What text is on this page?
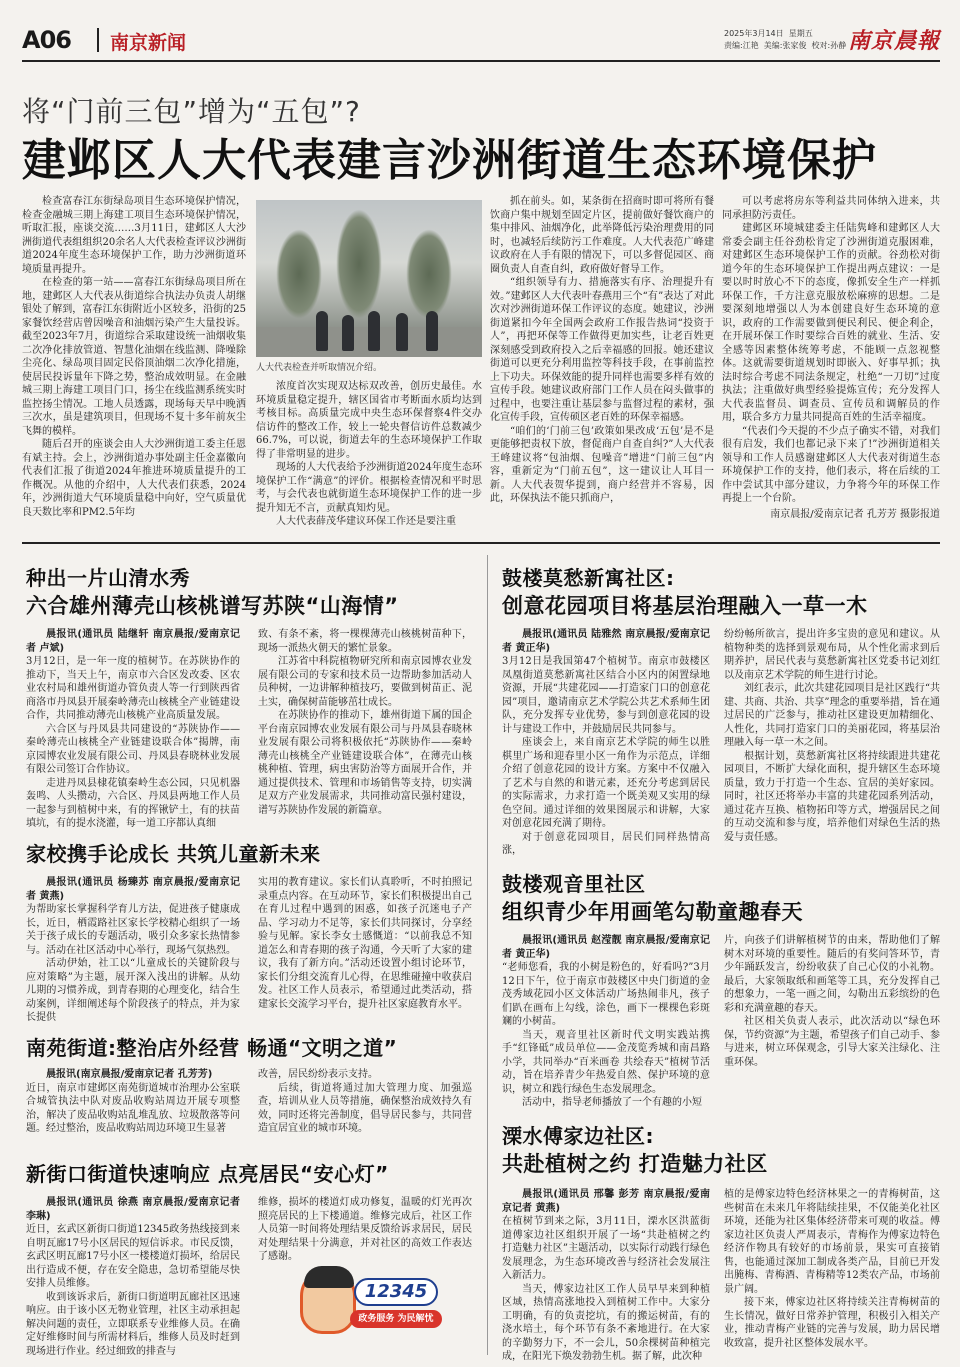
A06 南京新闻	2025年3月14日  星期五
责编:江艳  美编:张家俊  校对:孙静 南京晨報
将“门前三包”增为“五包”?
建邺区人大代表建言沙洲街道生态环境保护

检查富春江东街绿岛项目生态环境保护情况，检查金融城三期上海建工项目生态环境保护情况，听取汇报，座谈交流……3月11日，建邺区人大沙洲街道代表组组织20余名人大代表检查评议沙洲街道2024年度生态环境保护工作，助力沙洲街道环境质量再提升。

在检查的第一站——富春江东街绿岛项目所在地，建邺区人大代表从街道综合执法办负责人胡继银处了解到，富春江东街附近小区较多，沿街的25家餐饮经营店曾因噪音和油烟污染产生大量投诉。截至2023年7月，街道综合采取建设统一油烟收集二次净化排放管道、智慧化油烟在线监测、降噪除尘亮化、绿岛项目固定民俗顶油烟二次净化措施，使居民投诉量年下降之势，整治成效明显。在金融城三期上海建工项目门口，扬尘在线监测系统实时监控扬尘情况。工地人员透露，现场每天早中晚洒三次水，虽是建筑项目，但现场不复十多年前灰尘飞舞的模样。

随后召开的座谈会由人大沙洲街道工委主任恩有斌主持。会上，沙洲街道办事处副主任金嘉徽向代表们汇报了街道2024年推进环境质量提升的工作概况。从他的介绍中，人大代表们获悉，2024年，沙洲街道大气环境质量稳中向好，空气质量优良天数比率和PM2.5年均

人大代表检查并听取情况介绍。

浓度首次实现双达标双改善，创历史最佳。水环境质量稳定提升，辖区国省市考断面水质均达到考核目标。高质量完成中央生态环保督察4件交办信访件的整改工作，较上一轮央督信访件总数减少66.7%，可以说，街道去年的生态环境保护工作取得了非常明显的进步。

现场的人大代表给予沙洲街道2024年度生态环境保护工作“满意”的评价。根据检查情况和平时思考，与会代表也就街道生态环境保护工作的进一步提升知无不言，贡献真知灼见。

人大代表薛茂华建议环保工作还是要注重

抓在前头。如，某条街在招商时即可将所有餐饮商户集中规划至固定片区，提前做好餐饮商户的集中排风、油烟净化，此举降低污染治理费用的同时，也减轻后续防污工作难度。人大代表范广峰建议政府在人手有限的情况下，可以多督促园区、商圈负责人自查自纠，政府做好督导工作。

“组织领导有力、措施落实有序、治理提升有效。”建邺区人大代表叶春燕用三个“有”表达了对此次对沙洲街道环保工作评议的态度。她建议，沙洲街道紧扣今年全国两会政府工作报告热词“投资于人”，再把环保等工作做得更加实些，让老百姓更深刻感受到政府投入之后幸福感的回报。她还建议街道可以更充分利用监控等科技手段，在事前监控上下功夫。环保效能的提升同样也需要多样有效的宣传手段。她建议政府部门工作人员在闷头做事的过程中，也要注重让基层参与监督过程的素材，强化宣传手段，宣传硕区老百姓的环保幸福感。

“咱们的‘门前三包’政策如果改成‘五包’是不是更能够把责权下放，督促商户自查自纠?”人大代表王峰建议将“包油烟、包噪音”增进“门前三包”内容，重新定为“门前五包”，这一建议让人耳目一新。人大代表贺华提到，商户经营并不容易，因此，环保执法不能只抓商户，

可以考虑将房东等利益共同体纳入进来，共同承担防污责任。

建邺区环境城建委主任陆隽峰和建邺区人大常委会副主任谷劲松肯定了沙洲街道克服困难，对建邺区生态环境保护工作的贡献。谷劲松对街道今年的生态环境保护工作提出两点建议：一是要以时时放心不下的态度，像抓安全生产一样抓环保工作，千方注意克服放松麻痹的思想。二是要深刻地增强以人为本创建良好生态环境的意识，政府的工作需要做到便民利民、便企利企，在开展环保工作时要综合百姓的就业、生活、安全感等因素整体统筹考虑，不能顾一点忽视整体。这就需要街道规划时即嵌入、好事早抓；执法时综合考虑不同法条规定，杜绝“一刀切”过度执法；注重做好典型经验提炼宣传；充分发挥人大代表监督员、调查员、宣传员和调解员的作用，联合多方力量共同提高百姓的生活幸福度。

“代表们今天提的不少点子确实不错，对我们很有启发，我们也都记录下来了!”沙洲街道相关领导和工作人员感谢建邺区人大代表对街道生态环境保护工作的支持，他们表示，将在后续的工作中尝试其中部分建议，力争将今年的环保工作再提上一个台阶。

南京晨报/爱南京记者 孔芳芳 摄影报道
种出一片山清水秀
六合雄州薄壳山核桃谱写苏陕“山海情”
晨报讯(通讯员 陆继轩 南京晨报/爱南京记者 卢斌)

3月12日，是一年一度的植树节。在苏陕协作的推动下，当天上午，南京市六合区发改委、区农业农村局和雄州街道办管负责人等一行到陕西省商洛市丹凤县开展秦岭薄壳山核桃全产业链建设合作，共同推动薄壳山核桃产业高质量发展。

六合区与丹凤县共同建设的“苏陕协作——秦岭薄壳山核桃全产业链建设联合体”揭牌，南京园博农业发展有限公司、丹凤县春晓林业发展有限公司签订合作协议。

走进丹凤县棣花镇秦岭生态公园，只见机器轰鸣、人头攒动，六合区、丹凤县两地工作人员一起参与到植树中来，有的挥锹铲土，有的扶苗填坑，有的提水浇灌，每一道工序都认真细

致、有条不紊，将一棵棵薄壳山核桃树苗种下，现场一派热火朝天的繁忙景象。

江苏省中科院植物研究所和南京园博农业发展有限公司的专家和技术员一边帮助参加活动人员种树，一边讲解种植技巧，要做到树苗正、泥土实，确保树苗能够茁壮成长。

在苏陕协作的推动下，雄州街道下属的国企平台南京园博农业发展有限公司与丹凤县春晓林业发展有限公司将积极依托“苏陕协作——秦岭薄壳山核桃全产业链建设联合体”，在薄壳山核桃种植、管理，病虫害防治等方面展开合作，并通过提供技术、管理和市场销售等支持，切实满足双方产业发展需求，共同推动富民强村建设，谱写苏陕协作发展的新篇章。

家校携手论成长 共筑儿童新未来
晨报讯(通讯员 杨臻苏 南京晨报/爱南京记者 黄燕)

为帮助家长掌握科学育儿方法，促进孩子健康成长，近日，栖霞路社区家长学校精心组织了一场关于孩子成长的专题活动，吸引众多家长热情参与。活动在社区活动中心举行，现场气氛热烈。

活动伊始，社工以“儿童成长的关键阶段与应对策略”为主题，展开深入浅出的讲解。从幼儿期的习惯养成，到青春期的心理变化，结合生动案例，详细阐述每个阶段孩子的特点，并为家长提供

实用的教育建议。家长们认真聆听，不时拍照记录重点内容。在互动环节，家长们积极提出自己在育儿过程中遇到的困惑，如孩子沉迷电子产品、学习动力不足等，家长们共同探讨，分享经验与见解。家长李女士感慨道：“以前我总不知道怎么和青春期的孩子沟通，今天听了大家的建议，我有了新方向。”活动还设置小组讨论环节，家长们分组交流育儿心得，在思维碰撞中收获启发。社区工作人员表示，希望通过此类活动，搭建家长交流学习平台，提升社区家庭教育水平。

南苑街道:整治店外经营 畅通“文明之道”
晨报讯(南京晨报/爱南京记者 孔芳芳)

近日，南京市建邺区南苑街道城市治理办公室联合城管执法中队对废品收购站周边开展专项整治，解决了废品收购站乱堆乱放、垃圾散落等问题。经过整治，废品收购站周边环境卫生显著

改善，居民纷纷表示支持。

后续，街道将通过加大管理力度、加强巡查，培训从业人员等措施，确保整治成效持久有效，同时还将完善制度，倡导居民参与，共同营造宜居宜业的城市环境。

新街口街道快速响应 点亮居民“安心灯”
晨报讯(通讯员 徐燕 南京晨报/爱南京记者 李琳)

近日，玄武区新街口街道12345政务热线接到来自明瓦廊17号小区居民的短信诉求。市民反馈，玄武区明瓦廊17号小区一楼楼道灯损坏，给居民出行造成不便，存在安全隐患，急切希望能尽快安排人员维修。

收到该诉求后，新街口街道明瓦廊社区迅速响应。由于该小区无物业管理，社区主动承担起解决问题的责任，立即联系专业维修人员。在确定好维修时间与所需材料后，维修人员及时赶到现场进行作业。经过细致的排查与

维修，损坏的楼道灯成功修复，温暖的灯光再次照亮居民的上下楼通道。维修完成后，社区工作人员第一时间将处理结果反馈给诉求居民，居民对处理结果十分满意，并对社区的高效工作表达了感谢。

12345
政务服务 为民解忧
鼓楼莫愁新寓社区:
创意花园项目将基层治理融入一草一木
晨报讯(通讯员 陆雅然 南京晨报/爱南京记者 黄正华)

3月12日是我国第47个植树节。南京市鼓楼区凤凰街道莫愁新寓社区结合小区内的闲置绿地资源，开展“共建花园——打造家门口的创意花园”项目，邀请南京艺术学院公共艺术系师生团队，充分发挥专业优势，参与到创意花园的设计与建设工作中，并鼓励居民共同参与。

座谈会上，来自南京艺术学院的师生以胜棋里广场和迎春里小区一角作为示范点，详细介绍了创意花园的设计方案。方案中不仅融入了艺术与自然的和谐元素，还充分考虑到居民的实际需求，力求打造一个既美观又实用的绿色空间。通过详细的效果图展示和讲解，大家对创意花园充满了期待。

对于创意花园项目，居民们同样热情高涨，

纷纷畅所欲言，提出许多宝贵的意见和建议。从植物种类的选择到景观布局，从个性化需求到后期养护，居民代表与莫愁新寓社区党委书记刘红以及南京艺术学院的师生进行讨论。

刘红表示，此次共建花园项目是社区践行“共建、共商、共治、共享”理念的重要举措，旨在通过居民的广泛参与，推动社区建设更加精细化、人性化，共同打造家门口的美丽花园，将基层治理融入每一草一木之间。

根据计划，莫愁新寓社区将持续跟进共建花园项目，不断扩大绿化面积，提升辖区生态环境质量，致力于打造一个生态、宜居的美好家园。同时，社区还将举办丰富的共建花园系列活动，通过花卉互换、植物拓印等方式，增强居民之间的互动交流和参与度，培养他们对绿色生活的热爱与责任感。

鼓楼观音里社区
组织青少年用画笔勾勒童趣春天
晨报讯(通讯员 赵滢靓 南京晨报/爱南京记者 黄正华)

“老师您看，我的小树是粉色的，好看吗?”3月12日下午，位于南京市鼓楼区中央门街道的金茂秀域花园小区文体活动广场热闹非凡，孩子们趴在画布上勾线，涂色，画下一棵棵色彩斑斓的小树苗。

当天，观音里社区新时代文明实践站携手“红锋砥”成员单位——金茂览秀城和南昌路小学，共同举办“百米画卷 共绘春天”植树节活动，旨在培养青少年热爱自然、保护环境的意识，树立和践行绿色生态发展理念。

活动中，指导老师播放了一个有趣的小短

片，向孩子们讲解植树节的由来，帮助他们了解树木对环境的重要性。随后的有奖问答环节，青少年踊跃发言，纷纷收获了自己心仪的小礼物。最后，大家领取纸和画笔等工具，充分发挥自己的想象力，一笔一画之间，勾勒出五彩缤纷的色彩和充满童趣的春天。

社区相关负责人表示，此次活动以“绿色环保，节约资源”为主题，希望孩子们自己动手、参与进来，树立环保观念，引导大家关注绿化、注重环保。

溧水傅家边社区:
共赴植树之约 打造魅力社区
晨报讯(通讯员 邢馨 彭芳 南京晨报/爱南京记者 黄燕)

在植树节到来之际，3月11日，溧水区洪蓝街道傅家边社区组织开展了一场“共赴植树之约 打造魅力社区”主题活动，以实际行动践行绿色发展理念，为生态环境改善与经济社会发展注入新活力。

当天，傅家边社区工作人员早早来到种植区域，热情高涨地投入到植树工作中。大家分工明确，有的负责挖坑，有的搬运树苗，有的浇水培土，每个环节有条不紊地进行。在大家的辛勤努力下，不一会儿，50余棵树苗种植完成，在阳光下焕发勃勃生机。据了解，此次种

植的是傅家边特色经济林果之一的青梅树苗，这些树苗在未来几年将陆续挂果，不仅能美化社区环境，还能为社区集体经济带来可观的收益。傅家边社区负责人严周表示，青梅作为傅家边特色经济作物具有较好的市场前景，果实可直接销售，也能通过深加工制成各类产品，目前已开发出腌梅、青梅酒、青梅精等12类农产品，市场前景广阔。

接下来，傅家边社区将持续关注青梅树苗的生长情况，做好日常养护管理，积极引入相关产业，推动青梅产业链的完善与发展，助力居民增收致富，提升社区整体发展水平。
